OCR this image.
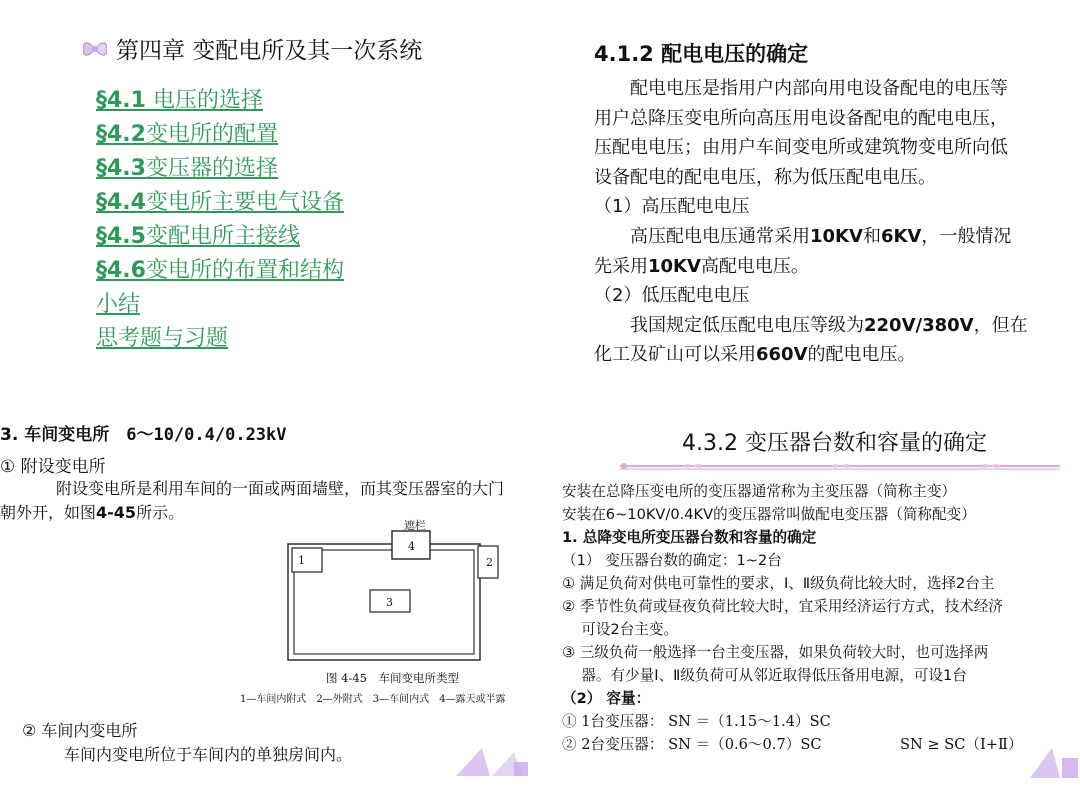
第四章 变配电所及其一次系统
§4.1 电压的选择
§4.2变电所的配置
§4.3变压器的选择
§4.4变电所主要电气设备
§4.5变配电所主接线
§4.6变电所的布置和结构
小结
思考题与习题
4.1.2 配电电压的确定
　　配电电压是指用户内部向用电设备配电的电压等
用户总降压变电所向高压用电设备配电的配电电压，
压配电电压；由用户车间变电所或建筑物变电所向低
设备配电的配电电压，称为低压配电电压。
（1）高压配电电压
　　高压配电电压通常采用10KV和6KV，一般情况
先采用10KV高配电电压。
（2）低压配电电压
　　我国规定低压配电电压等级为220V/380V，但在
化工及矿山可以采用660V的配电电压。
3. 车间变电所　 6～10/0.4/0.23kV
① 附设变电所
附设变电所是利用车间的一面或两面墙壁，而其变压器室的大门
朝外开，如图4-45所示。
遮栏
1	2
3
4
图 4-45　车间变电所类型
1—车间内附式　2—外附式　3—车间内式　4—露天或半露
② 车间内变电所
车间内变电所位于车间内的单独房间内。
4.3.2 变压器台数和容量的确定
安装在总降压变电所的变压器通常称为主变压器（简称主变）
安装在6~10KV/0.4KV的变压器常叫做配电变压器（简称配变）
1. 总降变电所变压器台数和容量的确定
（1） 变压器台数的确定：1~2台
① 满足负荷对供电可靠性的要求，Ⅰ、Ⅱ级负荷比较大时，选择2台主
② 季节性负荷或昼夜负荷比较大时，宜采用经济运行方式，技术经济
　 可设2台主变。
③ 三级负荷一般选择一台主变压器，如果负荷较大时，也可选择两
　 器。有少量Ⅰ、Ⅱ级负荷可从邻近取得低压备用电源，可设1台
（2） 容量：
① 1台变压器： SN ＝（1.15～1.4）SC
② 2台变压器： SN ＝（0.6～0.7）SC	SN ≥ SC（Ⅰ+Ⅱ）
